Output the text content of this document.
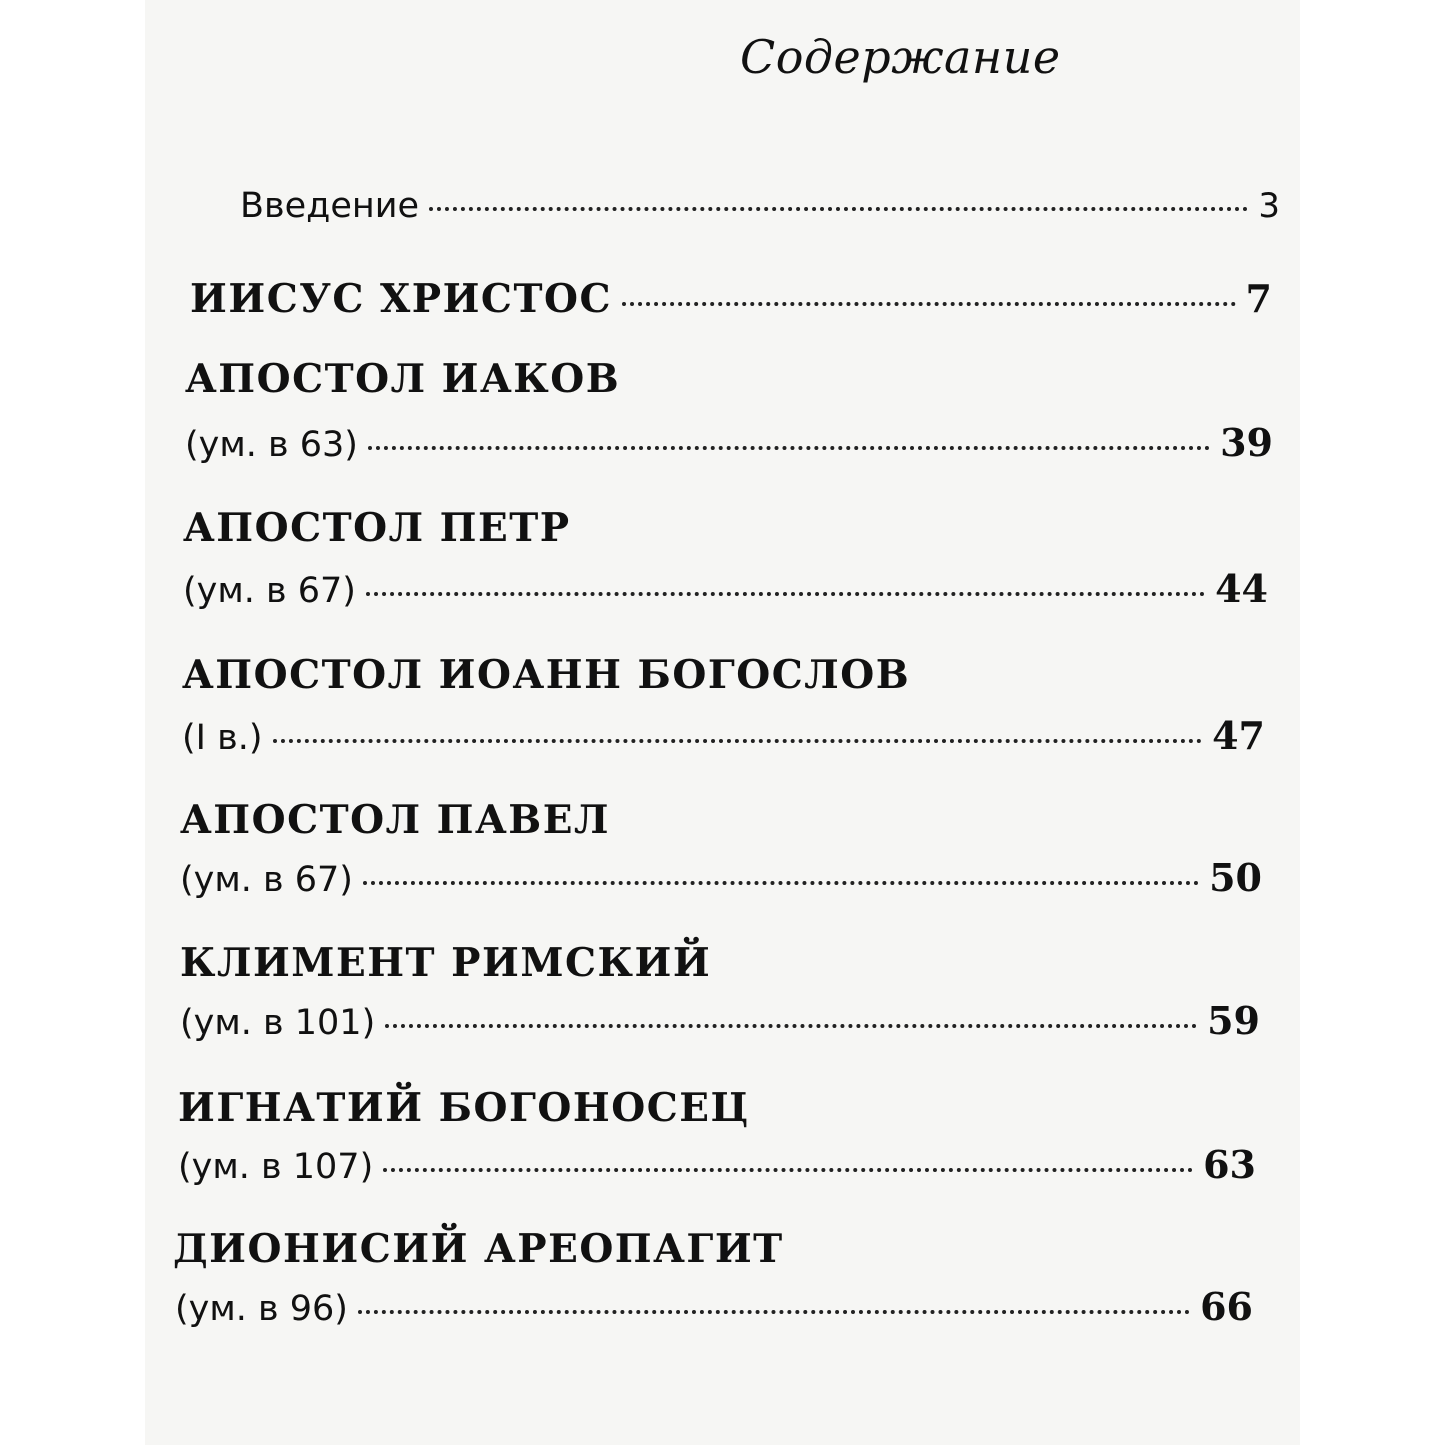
Содержание
Введение	3
ИИСУС ХРИСТОС	7
АПОСТОЛ ИАКОВ
(ум. в 63)	39
АПОСТОЛ ПЕТР
(ум. в 67)	44
АПОСТОЛ ИОАНН БОГОСЛОВ
(I в.)	47
АПОСТОЛ ПАВЕЛ
(ум. в 67)	50
КЛИМЕНТ РИМСКИЙ
(ум. в 101)	59
ИГНАТИЙ БОГОНОСЕЦ
(ум. в 107)	63
ДИОНИСИЙ АРЕОПАГИТ
(ум. в 96)	66
